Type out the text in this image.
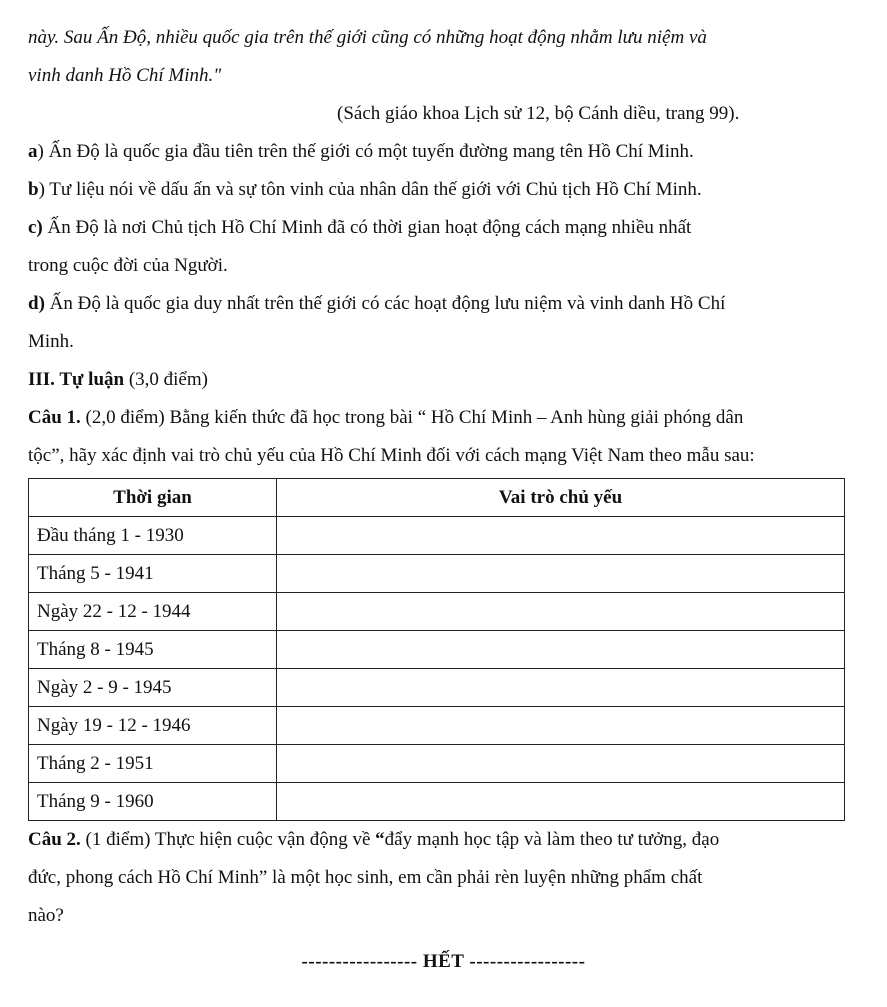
này. Sau Ấn Độ, nhiều quốc gia trên thế giới cũng có những hoạt động nhằm lưu niệm và
vinh danh Hồ Chí Minh."
(Sách giáo khoa Lịch sử 12, bộ Cánh diều, trang 99).
a) Ấn Độ là quốc gia đầu tiên trên thế giới có một tuyến đường mang tên Hồ Chí Minh.
b) Tư liệu nói về dấu ấn và sự tôn vinh của nhân dân thế giới với Chủ tịch Hồ Chí Minh.
c) Ấn Độ là nơi Chủ tịch Hồ Chí Minh đã có thời gian hoạt động cách mạng nhiều nhất
trong cuộc đời của Người.
d) Ấn Độ là quốc gia duy nhất trên thế giới có các hoạt động lưu niệm và vinh danh Hồ Chí
Minh.
III. Tự luận (3,0 điểm)
Câu 1. (2,0 điểm) Bằng kiến thức đã học trong bài “ Hồ Chí Minh – Anh hùng giải phóng dân
tộc”, hãy xác định vai trò chủ yếu của Hồ Chí Minh đối với cách mạng Việt Nam theo mẫu sau:
Thời gian	Vai trò chủ yếu
Đầu tháng 1 - 1930	
Tháng 5 - 1941	
Ngày 22 - 12 - 1944	
Tháng 8 - 1945	
Ngày 2 - 9 - 1945	
Ngày 19 - 12 - 1946	
Tháng 2 - 1951	
Tháng 9 - 1960	
Câu 2. (1 điểm) Thực hiện cuộc vận động về “đẩy mạnh học tập và làm theo tư tưởng, đạo
đức, phong cách Hồ Chí Minh” là một học sinh, em cần phải rèn luyện những phẩm chất
nào?
----------------- HẾT -----------------
